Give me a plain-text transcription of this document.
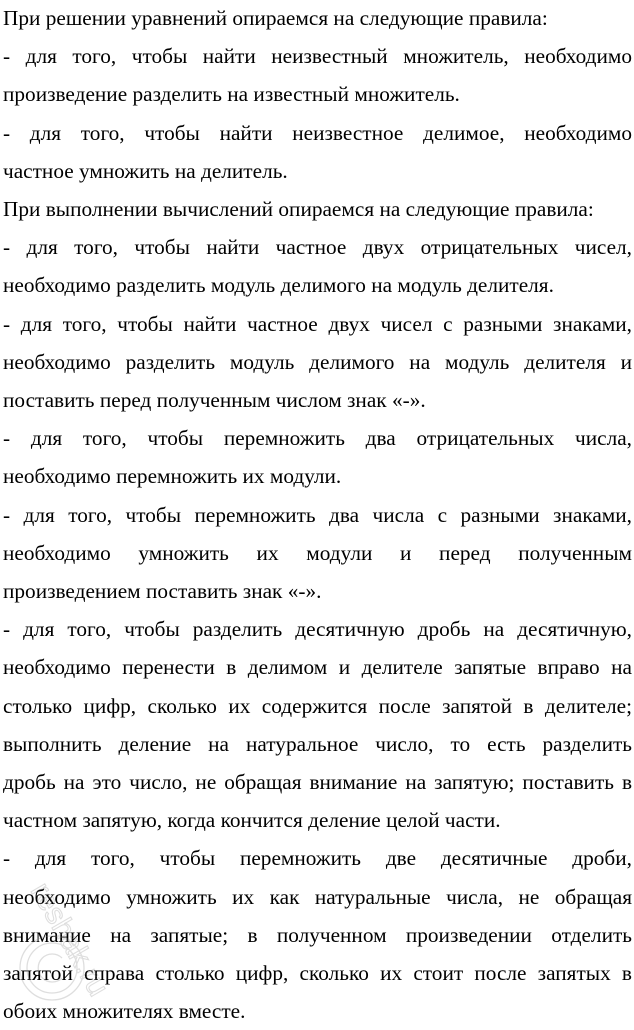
При решении уравнений опираемся на следующие правила:

- для того, чтобы найти неизвестный множитель, необходимо
произведение разделить на известный множитель.

- для того, чтобы найти неизвестное делимое, необходимо
частное умножить на делитель.

При выполнении вычислений опираемся на следующие правила:

- для того, чтобы найти частное двух отрицательных чисел,
необходимо разделить модуль делимого на модуль делителя.

- для того, чтобы найти частное двух чисел с разными знаками,
необходимо разделить модуль делимого на модуль делителя и
поставить перед полученным числом знак «-».

- для того, чтобы перемножить два отрицательных числа,
необходимо перемножить их модули.

- для того, чтобы перемножить два числа с разными знаками,
необходимо умножить их модули и перед полученным
произведением поставить знак «-».

- для того, чтобы разделить десятичную дробь на десятичную,
необходимо перенести в делимом и делителе запятые вправо на
столько цифр, сколько их содержится после запятой в делителе;
выполнить деление на натуральное число, то есть разделить
дробь на это число, не обращая внимание на запятую; поставить в
частном запятую, когда кончится деление целой части.

- для того, чтобы перемножить две десятичные дроби,
необходимо умножить их как натуральные числа, не обращая
внимание на запятые; в полученном произведении отделить
запятой справа столько цифр, сколько их стоит после запятых в
обоих множителях вместе.

reshak.ru
